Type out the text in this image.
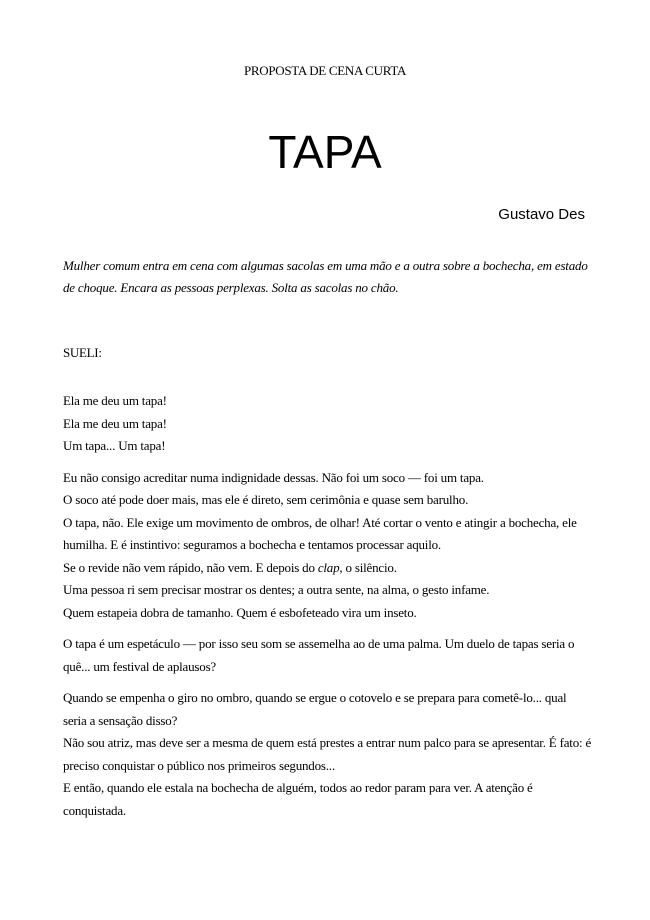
PROPOSTA DE CENA CURTA
TAPA
Gustavo Des
Mulher comum entra em cena com algumas sacolas em uma mão e a outra sobre a bochecha, em estado de choque. Encara as pessoas perplexas. Solta as sacolas no chão.
SUELI:

Ela me deu um tapa!
Ela me deu um tapa!
Um tapa... Um tapa!

Eu não consigo acreditar numa indignidade dessas. Não foi um soco — foi um tapa.
O soco até pode doer mais, mas ele é direto, sem cerimônia e quase sem barulho.
O tapa, não. Ele exige um movimento de ombros, de olhar! Até cortar o vento e atingir a bochecha, ele humilha. E é instintivo: seguramos a bochecha e tentamos processar aquilo.
Se o revide não vem rápido, não vem. E depois do clap, o silêncio.
Uma pessoa ri sem precisar mostrar os dentes; a outra sente, na alma, o gesto infame.
Quem estapeia dobra de tamanho. Quem é esbofeteado vira um inseto.

O tapa é um espetáculo — por isso seu som se assemelha ao de uma palma. Um duelo de tapas seria o quê... um festival de aplausos?

Quando se empenha o giro no ombro, quando se ergue o cotovelo e se prepara para cometê-lo... qual seria a sensação disso?
Não sou atriz, mas deve ser a mesma de quem está prestes a entrar num palco para se apresentar. É fato: é preciso conquistar o público nos primeiros segundos...
E então, quando ele estala na bochecha de alguém, todos ao redor param para ver. A atenção é conquistada.
